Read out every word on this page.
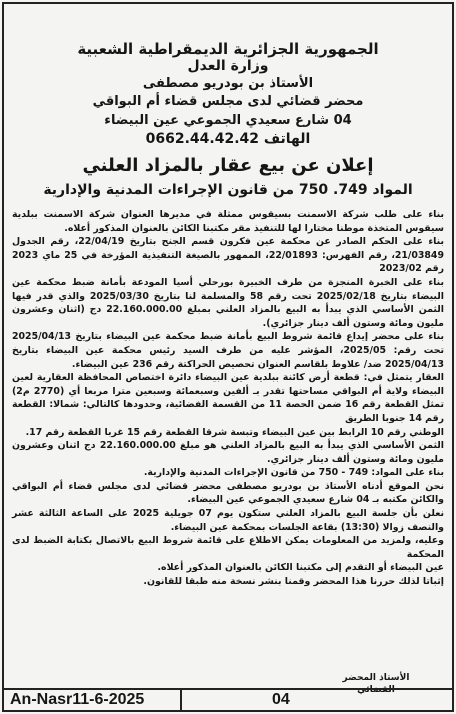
الجمهورية الجزائرية الديمقراطية الشعبية
وزارة العدل
الأستاذ بن بودريو مصطفى
محضر قضائي لدى مجلس قضاء أم البواقي
04 شارع سعيدي الجموعي عين البيضاء
0662.44.42.42 الهاتف
إعلان عن بيع عقار بالمزاد العلني
المواد 749. 750 من قانون الإجراءات المدنية والإدارية

بناء على طلب شركة الاسمنت بسيقوس ممثلة في مديرها العنوان شركة الاسمنت ببلدية سيقوس المتخذة موطنا مختارا لها للتنفيذ مقر مكتبنا الكائن بالعنوان المذكور أعلاه.

بناء على الحكم الصادر عن محكمة عين فكرون قسم الجنح بتاريخ 22/04/19، رقم الجدول 21/03849، رقم الفهرس: 22/01893، الممهور بالصيغة التنفيذية المؤرخة في 25 ماي 2023 رقم 2023/02

بناء على الخبرة المنجزة من طرف الخبيرة بورحلي أسيا المودعة بأمانة ضبط محكمة عين البيضاء بتاريخ 2025/02/18 تحت رقم 58 والمسلمة لنا بتاريخ 2025/03/30 والذي قدر فيها الثمن الأساسي الذي يبدأ به البيع بالمزاد العلني بمبلغ 22.160.000.00 دج (اثنان وعشرون مليون ومائة وستون ألف دينار جزائري).

بناء على محضر إيداع قائمة شروط البيع بأمانة ضبط محكمة عين البيضاء بتاريخ 2025/04/13 تحت رقم: 2025/05، المؤشر عليه من طرف السيد رئيس محكمة عين البيضاء بتاريخ 2025/04/13 ضد/ علاوط بلقاسم العنوان تحصيص الحراكتة رقم 236 عين البيضاء.

العقار يتمثل في: قطعة أرض كائنة ببلدية عين البيضاء دائرة اختصاص المحافظة العقارية لعين البيضاء ولاية أم البواقي مساحتها تقدر بـ ألفين وسبعمائة وسبعين مترا مربعا أي (2770 م2) تمثل القطعة رقم 16 ضمن الحصة 11 من القسمة الفضائية، وحدودها كالتالي: شمالا: القطعة رقم 14 جنوبا الطريق

الوطني رقم 10 الرابط بين عين البيضاء وتبسة شرقا القطعة رقم 15 غربا القطعة رقم 17.

الثمن الأساسي الذي يبدأ به البيع بالمزاد العلني هو مبلغ 22.160.000.00 دج اثنان وعشرون مليون ومائة وستون ألف دينار جزائري.

بناء على المواد: 749 - 750 من قانون الإجراءات المدنية والإدارية.

نحن الموقع أدناه الأستاذ بن بودريو مصطفى محضر قضائي لدى مجلس قضاء أم البواقي والكائن مكتبه بـ 04 شارع سعيدي الجموعي عين البيضاء.

نعلن بأن جلسة البيع بالمزاد العلني ستكون يوم 07 جويلية 2025 على الساعة الثالثة عشر والنصف زوالا (13:30) بقاعة الجلسات بمحكمة عين البيضاء.

وعليه، ولمزيد من المعلومات يمكن الاطلاع على قائمة شروط البيع بالاتصال بكتابة الضبط لدى المحكمة

عين البيضاء أو التقدم إلى مكتبنا الكائن بالعنوان المذكور أعلاه.

إثباتا لذلك حررنا هذا المحضر وقمنا بنشر نسخة منه طبقا للقانون.

الأستاذ المحضر
القضائي
An-Nasr11-6-2025	04
